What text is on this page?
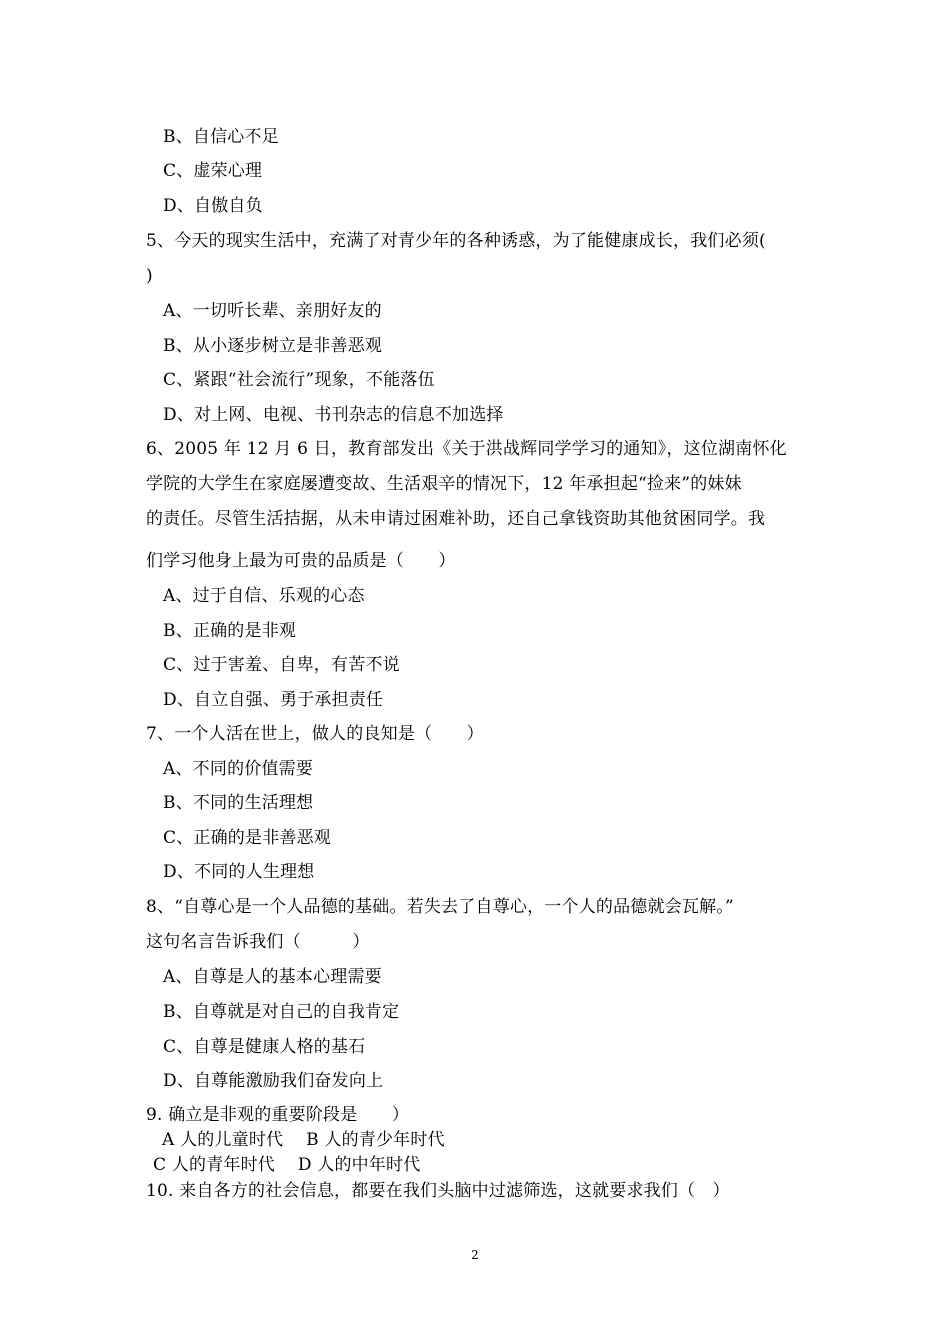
B、自信心不足
C、虚荣心理
D、自傲自负
5、今天的现实生活中，充满了对青少年的各种诱惑，为了能健康成长，我们必须(
)
A、一切听长辈、亲朋好友的
B、从小逐步树立是非善恶观
C、紧跟“社会流行”现象，不能落伍
D、对上网、电视、书刊杂志的信息不加选择
6、2005 年 12 月 6 日，教育部发出《关于洪战辉同学学习的通知》，这位湖南怀化
学院的大学生在家庭屡遭变故、生活艰辛的情况下，12 年承担起“捡来”的妹妹
的责任。尽管生活拮据，从未申请过困难补助，还自己拿钱资助其他贫困同学。我
们学习他身上最为可贵的品质是（　　）
A、过于自信、乐观的心态
B、正确的是非观
C、过于害羞、自卑，有苦不说
D、自立自强、勇于承担责任
7、一个人活在世上，做人的良知是（　　）
A、不同的价值需要
B、不同的生活理想
C、正确的是非善恶观
D、不同的人生理想
8、“自尊心是一个人品德的基础。若失去了自尊心，一个人的品德就会瓦解。”
这句名言告诉我们（　　　）
A、自尊是人的基本心理需要
B、自尊就是对自己的自我肯定
C、自尊是健康人格的基石
D、自尊能激励我们奋发向上
9. 确立是非观的重要阶段是　　）
A 人的儿童时代　 B 人的青少年时代
C 人的青年时代　 D 人的中年时代
10. 来自各方的社会信息，都要在我们头脑中过滤筛选，这就要求我们（　）
2
